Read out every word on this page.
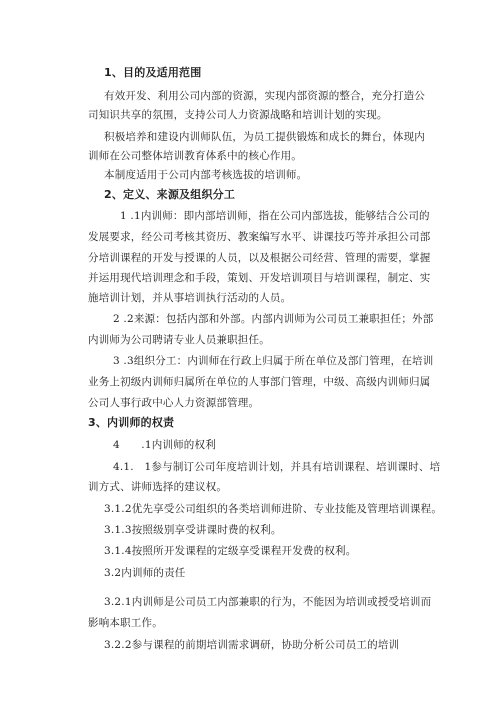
1、目的及适用范围
有效开发、利用公司内部的资源，实现内部资源的整合，充分打造公
司知识共享的氛围，支持公司人力资源战略和培训计划的实现。
积极培养和建设内训师队伍，为员工提供锻炼和成长的舞台，体现内
训师在公司整体培训教育体系中的核心作用。
本制度适用于公司内部考核选拔的培训师。
2、定义、来源及组织分工
1 .1内训师：即内部培训师，指在公司内部选拔，能够结合公司的
发展要求，经公司考核其资历、教案编写水平、讲课技巧等并承担公司部
分培训课程的开发与授课的人员，以及根据公司经营、管理的需要，掌握
并运用现代培训理念和手段，策划、开发培训项目与培训课程，制定、实
施培训计划，并从事培训执行活动的人员。
2 .2来源：包括内部和外部。内部内训师为公司员工兼职担任；外部
内训师为公司聘请专业人员兼职担任。
3 .3组织分工：内训师在行政上归属于所在单位及部门管理，在培训
业务上初级内训师归属所在单位的人事部门管理，中级、高级内训师归属
公司人事行政中心人力资源部管理。
3、内训师的权责
4　　.1内训师的权利
4.1.　1参与制订公司年度培训计划，并具有培训课程、培训课时、培
训方式、讲师选择的建议权。
3.1.2优先享受公司组织的各类培训师进阶、专业技能及管理培训课程。
3.1.3按照级别享受讲课时费的权利。
3.1.4按照所开发课程的定级享受课程开发费的权利。
3.2内训师的责任
3.2.1内训师是公司员工内部兼职的行为，不能因为培训或授受培训而
影响本职工作。
3.2.2参与课程的前期培训需求调研，协助分析公司员工的培训
